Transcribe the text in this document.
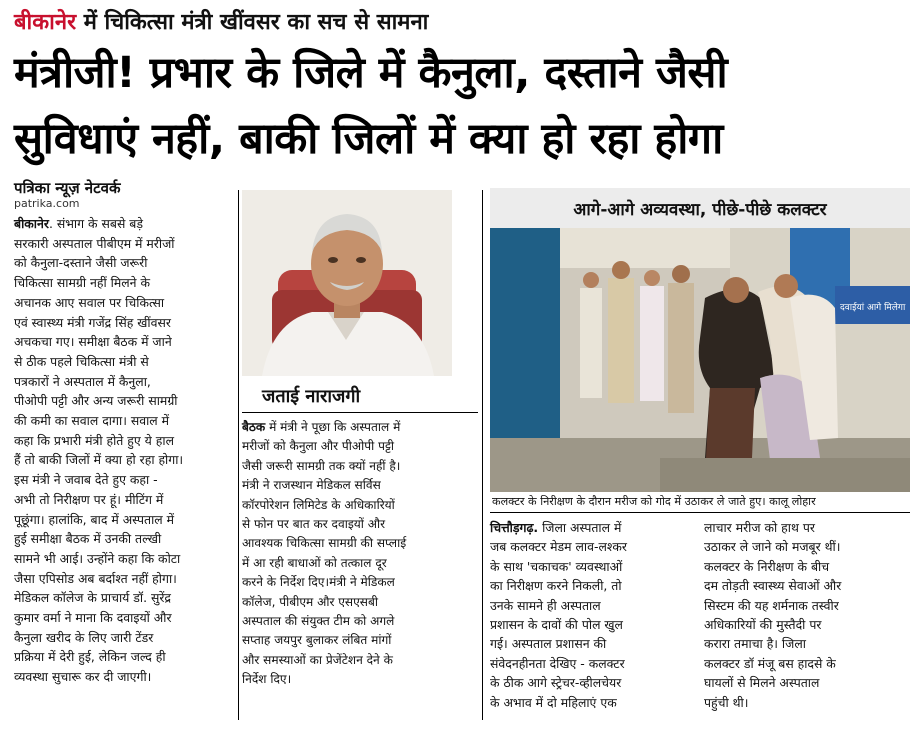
बीकानेर में चिकित्सा मंत्री खींवसर का सच से सामना
मंत्रीजी! प्रभार के जिले में कैनुला, दस्ताने जैसी
सुविधाएं नहीं, बाकी जिलों में क्या हो रहा होगा
पत्रिका न्यूज़ नेटवर्क
patrika.com
बीकानेर. संभाग के सबसे बड़े
सरकारी अस्पताल पीबीएम में मरीजों
को कैनुला-दस्ताने जैसी जरूरी
चिकित्सा सामग्री नहीं मिलने के
अचानक आए सवाल पर चिकित्सा
एवं स्वास्थ्य मंत्री गजेंद्र सिंह खींवसर
अचकचा गए। समीक्षा बैठक में जाने
से ठीक पहले चिकित्सा मंत्री से
पत्रकारों ने अस्पताल में कैनुला,
पीओपी पट्टी और अन्य जरूरी सामग्री
की कमी का सवाल दागा। सवाल में
कहा कि प्रभारी मंत्री होते हुए ये हाल
हैं तो बाकी जिलों में क्या हो रहा होगा।
इस मंत्री ने जवाब देते हुए कहा -
अभी तो निरीक्षण पर हूं। मीटिंग में
पूछूंगा। हालांकि, बाद में अस्पताल में
हुई समीक्षा बैठक में उनकी तल्खी
सामने भी आई। उन्होंने कहा कि कोटा
जैसा एपिसोड अब बर्दाश्त नहीं होगा।
मेडिकल कॉलेज के प्राचार्य डॉ. सुरेंद्र
कुमार वर्मा ने माना कि दवाइयों और
कैनुला खरीद के लिए जारी टेंडर
प्रक्रिया में देरी हुई, लेकिन जल्द ही
व्यवस्था सुचारू कर दी जाएगी।
जताई नाराजगी
बैठक में मंत्री ने पूछा कि अस्पताल में
मरीजों को कैनुला और पीओपी पट्टी
जैसी जरूरी सामग्री तक क्यों नहीं है।
मंत्री ने राजस्थान मेडिकल सर्विस
कॉरपोरेशन लिमिटेड के अधिकारियों
से फोन पर बात कर दवाइयों और
आवश्यक चिकित्सा सामग्री की सप्लाई
में आ रही बाधाओं को तत्काल दूर
करने के निर्देश दिए।मंत्री ने मेडिकल
कॉलेज, पीबीएम और एसएसबी
अस्पताल की संयुक्त टीम को अगले
सप्ताह जयपुर बुलाकर लंबित मांगों
और समस्याओं का प्रेजेंटेशन देने के
निर्देश दिए।
आगे-आगे अव्यवस्था, पीछे-पीछे कलक्टर
दवाईयां आगे मिलेगा
कलक्टर के निरीक्षण के दौरान मरीज को गोद में उठाकर ले जाते हुए। कालू लोहार
चित्तौड़गढ़. जिला अस्पताल में
जब कलक्टर मेडम लाव-लश्कर
के साथ 'चकाचक' व्यवस्थाओं
का निरीक्षण करने निकली, तो
उनके सामने ही अस्पताल
प्रशासन के दावों की पोल खुल
गई। अस्पताल प्रशासन की
संवेदनहीनता देखिए - कलक्टर
के ठीक आगे स्ट्रेचर-व्हीलचेयर
के अभाव में दो महिलाएं एक
लाचार मरीज को हाथ पर
उठाकर ले जाने को मजबूर थीं।
कलक्टर के निरीक्षण के बीच
दम तोड़ती स्वास्थ्य सेवाओं और
सिस्टम की यह शर्मनाक तस्वीर
अधिकारियों की मुस्तैदी पर
करारा तमाचा है। जिला
कलक्टर डॉ मंजू बस हादसे के
घायलों से मिलने अस्पताल
पहुंची थी।
